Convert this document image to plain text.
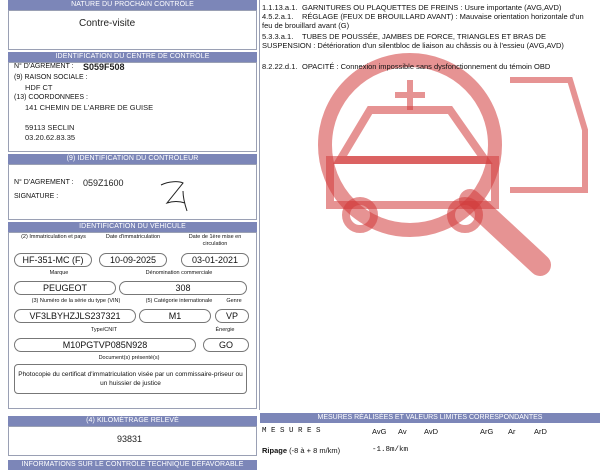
NATURE DU PROCHAIN CONTRÔLE
Contre-visite
IDENTIFICATION DU CENTRE DE CONTRÔLE
N° D'AGREMENT : S059F508
(9) RAISON SOCIALE :
HDF CT
(13) COORDONNEES :
141 CHEMIN DE L'ARBRE DE GUISE
59113 SECLIN
03.20.62.83.35
(9) IDENTIFICATION DU CONTRÔLEUR
N° D'AGREMENT : 059Z1600
SIGNATURE :
IDENTIFICATION DU VÉHICULE
(2) Immatriculation et pays	Date d'immatriculation	Date de 1ère mise en circulation
HF-351-MC (F)	10-09-2025	03-01-2021
Marque	Dénomination commerciale
PEUGEOT	308
(3) Numéro de la série du type (VIN)	(5) Catégorie internationale	Genre
VF3LBYHZJLS237321	M1	VP
Type/CNIT	Énergie
M10PGTVP085N928	GO
Document(s) présenté(s)
Photocopie du certificat d'immatriculation visée par un commissaire-priseur ou un huissier de justice
(4) KILOMÉTRAGE RELEVÉ
93831
INFORMATIONS SUR LE CONTRÔLE TECHNIQUE DÉFAVORABLE
1.1.13.a.1. GARNITURES OU PLAQUETTES DE FREINS : Usure importante (AVG,AVD)
4.5.2.a.1. RÉGLAGE (FEUX DE BROUILLARD AVANT) : Mauvaise orientation horizontale d'un feu de brouillard avant (G)
5.3.3.a.1. TUBES DE POUSSÉE, JAMBES DE FORCE, TRIANGLES ET BRAS DE SUSPENSION : Détérioration d'un silentbloc de liaison au châssis ou à l'essieu (AVG,AVD)
8.2.22.d.1. OPACITÉ : Connexion impossible sans dysfonctionnement du témoin OBD
MESURES RÉALISÉES ET VALEURS LIMITES CORRESPONDANTES
M E S U R E S	AvG Av AvD	ArG Ar ArD
Ripage (-8 à + 8 m/km)	-1.8m/km
